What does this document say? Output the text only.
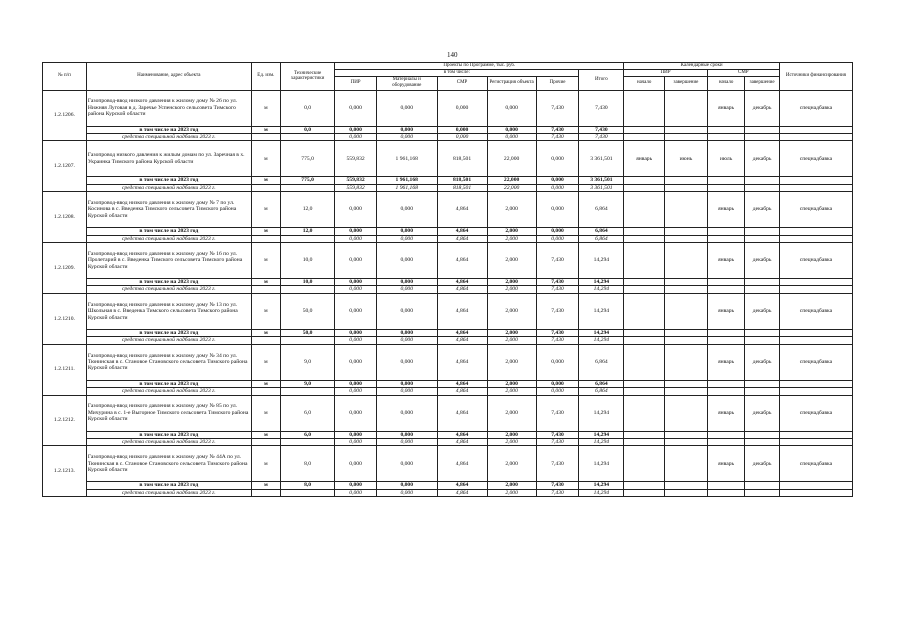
140
№ п/п	Наименование, адрес объекта	Ед. изм.	Технические характеристики	Проекты по Программе, тыс. руб.						Календарные сроки				Источники финансирования
				в том числе:					Итого	ПИР		СМР		
				ПИР	Материалы и оборудование	СМР	Регистрация объекта	Прочие		начало	завершение	начало	завершение	
1.2.1206.	Газопровод-ввод низкого давления к жилому дому № 26 по ул. Нижняя Луговая в д. Заречье Успенского сельсовета Тимского района Курской области	м	0,0	0,000	0,000	0,000	0,000	7,430	7,430			январь	декабрь	спецнадбавка
	в том числе на 2023 год	м	0,0	0,000	0,000	0,000	0,000	7,430	7,430					
	средства специальной надбавки 2023 г.			0,000	0,000	0,000	0,000	7,430	7,430					
1.2.1207.	Газопровод низкого давления к жилым домам по ул. Заречная в х. Украинка Тимского района Курской области	м	775,0	559,832	1 961,168	818,501	22,000	0,000	3 361,501	январь	июнь	июль	декабрь	спецнадбавка
	в том числе на 2023 год	м	775,0	559,832	1 961,168	818,501	22,000	0,000	3 361,501					
	средства специальной надбавки 2023 г.			559,832	1 961,168	818,501	22,000	0,000	3 361,501					
1.2.1208.	Газопровод-ввод низкого давления к жилому дому № 7 по ул. Косинова в с. Введенка Тимского сельсовета Тимского района Курской области	м	12,0	0,000	0,000	4,864	2,000	0,000	6,864			январь	декабрь	спецнадбавка
	в том числе на 2023 год	м	12,0	0,000	0,000	4,864	2,000	0,000	6,864					
	средства специальной надбавки 2023 г.			0,000	0,000	4,864	2,000	0,000	6,864					
1.2.1209.	Газопровод-ввод низкого давления к жилому дому № 16 по ул. Пролетарий в с. Введенка Тимского сельсовета Тимского района Курской области	м	10,0	0,000	0,000	4,864	2,000	7,430	14,294			январь	декабрь	спецнадбавка
	в том числе на 2023 год	м	10,0	0,000	0,000	4,864	2,000	7,430	14,294					
	средства специальной надбавки 2023 г.			0,000	0,000	4,864	2,000	7,430	14,294					
1.2.1210.	Газопровод-ввод низкого давления к жилому дому № 13 по ул. Школьная в с. Введенка Тимского сельсовета Тимского района Курской области	м	50,0	0,000	0,000	4,864	2,000	7,430	14,294			январь	декабрь	спецнадбавка
	в том числе на 2023 год	м	50,0	0,000	0,000	4,864	2,000	7,430	14,294					
	средства специальной надбавки 2023 г.			0,000	0,000	4,864	2,000	7,430	14,294					
1.2.1211.	Газопровод-ввод низкого давления к жилому дому № 34 по ул. Тюнинская в с. Становое Становского сельсовета Тимского района Курской области	м	9,0	0,000	0,000	4,864	2,000	0,000	6,864			январь	декабрь	спецнадбавка
	в том числе на 2023 год	м	9,0	0,000	0,000	4,864	2,000	0,000	6,864					
	средства специальной надбавки 2023 г.			0,000	0,000	4,864	2,000	0,000	6,864					
1.2.1212.	Газопровод-ввод низкого давления к жилому дому № 85 по ул. Мичурина в с. 1-е Выгорное Тимского сельсовета Тимского района Курской области	м	6,0	0,000	0,000	4,864	2,000	7,430	14,294			январь	декабрь	спецнадбавка
	в том числе на 2023 год	м	6,0	0,000	0,000	4,864	2,000	7,430	14,294					
	средства специальной надбавки 2023 г.			0,000	0,000	4,864	2,000	7,430	14,294					
1.2.1213.	Газопровод-ввод низкого давления к жилому дому № 44А по ул. Тюнинская в с. Становое Становского сельсовета Тимского района Курской области	м	8,0	0,000	0,000	4,864	2,000	7,430	14,294			январь	декабрь	спецнадбавка
	в том числе на 2023 год	м	8,0	0,000	0,000	4,864	2,000	7,430	14,294					
	средства специальной надбавки 2023 г.			0,000	0,000	4,864	2,000	7,430	14,294					
